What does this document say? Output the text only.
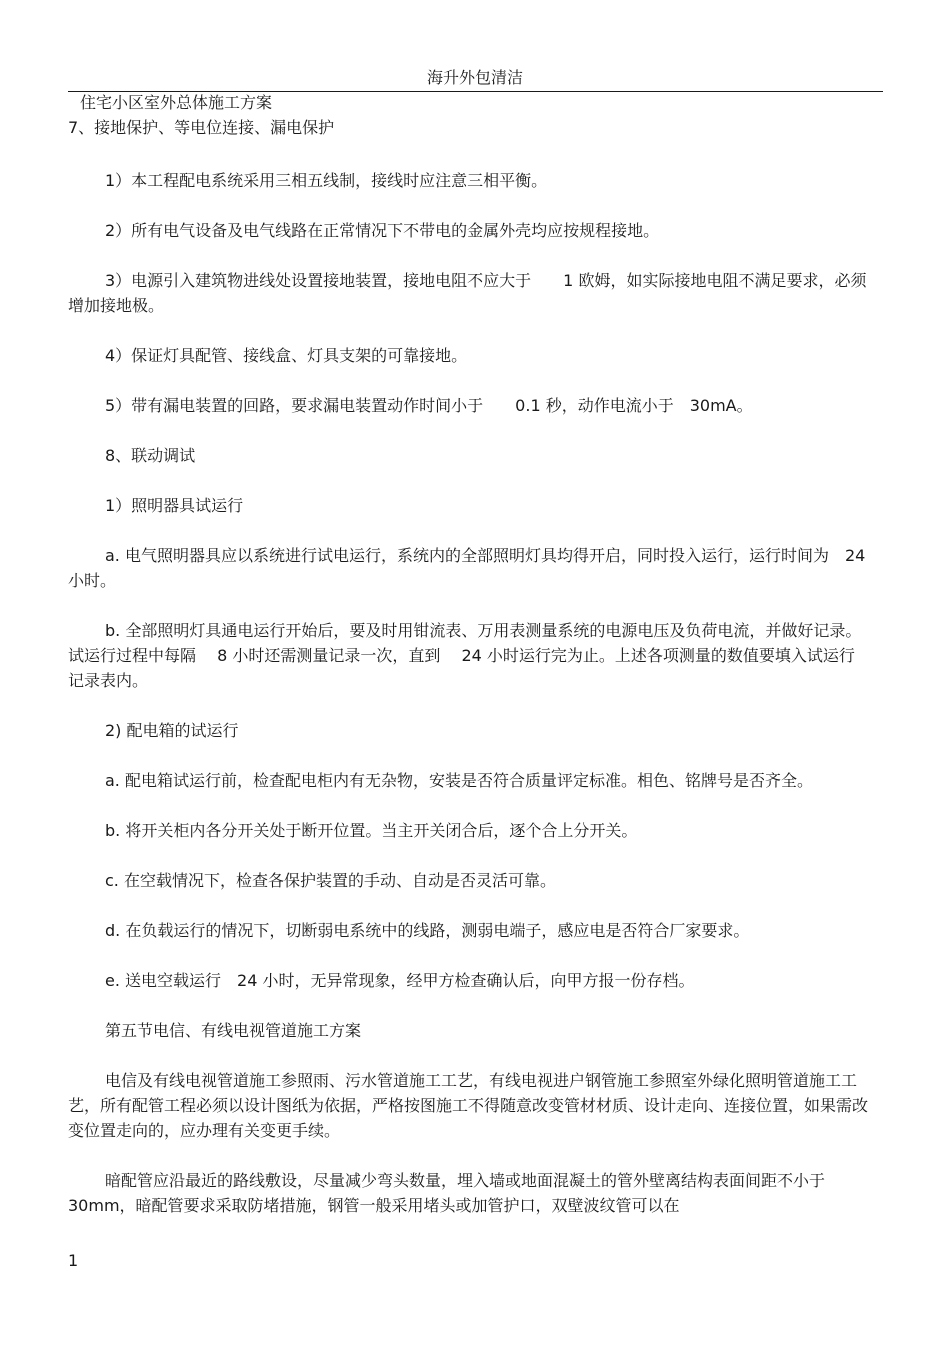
海升外包清洁
住宅小区室外总体施工方案
7、接地保护、等电位连接、漏电保护

1）本工程配电系统采用三相五线制，接线时应注意三相平衡。

2）所有电气设备及电气线路在正常情况下不带电的金属外壳均应按规程接地。

3）电源引入建筑物进线处设置接地装置，接地电阻不应大于　　1 欧姆，如实际接地电阻不满足要求，必须增加接地极。

4）保证灯具配管、接线盒、灯具支架的可靠接地。

5）带有漏电装置的回路，要求漏电装置动作时间小于　　0.1 秒，动作电流小于　30mA。

8、联动调试

1）照明器具试运行

a. 电气照明器具应以系统进行试电运行，系统内的全部照明灯具均得开启，同时投入运行，运行时间为　24 小时。

b. 全部照明灯具通电运行开始后，要及时用钳流表、万用表测量系统的电源电压及负荷电流，并做好记录。试运行过程中每隔　 8 小时还需测量记录一次，直到　 24 小时运行完为止。上述各项测量的数值要填入试运行记录表内。

2) 配电箱的试运行

a. 配电箱试运行前，检查配电柜内有无杂物，安装是否符合质量评定标准。相色、铭牌号是否齐全。

b. 将开关柜内各分开关处于断开位置。当主开关闭合后，逐个合上分开关。

c. 在空载情况下，检查各保护装置的手动、自动是否灵活可靠。

d. 在负载运行的情况下，切断弱电系统中的线路，测弱电端子，感应电是否符合厂家要求。

e. 送电空载运行　24 小时，无异常现象，经甲方检查确认后，向甲方报一份存档。

第五节电信、有线电视管道施工方案

电信及有线电视管道施工参照雨、污水管道施工工艺，有线电视进户钢管施工参照室外绿化照明管道施工工艺，所有配管工程必须以设计图纸为依据，严格按图施工不得随意改变管材材质、设计走向、连接位置，如果需改变位置走向的，应办理有关变更手续。

暗配管应沿最近的路线敷设，尽量减少弯头数量，埋入墙或地面混凝土的管外壁离结构表面间距不小于　30mm，暗配管要求采取防堵措施，钢管一般采用堵头或加管护口，双壁波纹管可以在

1
